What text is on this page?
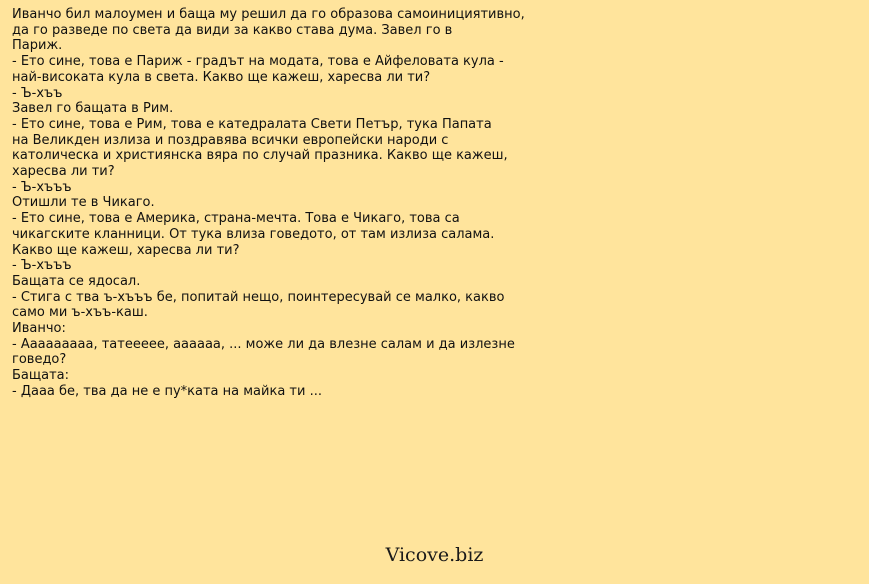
Иванчо бил малоумен и баща му решил да го образова самоинициятивно,
да го разведе по света да види за какво става дума. Завел го в
Париж.
- Ето сине, това е Париж - градът на модата, това е Айфеловата кула -
най-високата кула в света. Какво ще кажеш, харесва ли ти?
- Ъ-хъъ
Завел го бащата в Рим.
- Ето сине, това е Рим, това е катедралата Свети Петър, тука Папата
на Великден излиза и поздравява всички европейски народи с
католическа и християнска вяра по случай празника. Какво ще кажеш,
харесва ли ти?
- Ъ-хъъъ
Отишли те в Чикаго.
- Ето сине, това е Америка, страна-мечта. Това е Чикаго, това са
чикагските кланници. От тука влиза говедото, от там излиза салама.
Какво ще кажеш, харесва ли ти?
- Ъ-хъъъ
Бащата се ядосал.
- Стига с тва ъ-хъъъ бе, попитай нещо, поинтересувай се малко, какво
само ми ъ-хъъ-каш.
Иванчо:
- Ааааааааа, татеееее, аааааа, ... може ли да влезне салам и да излезне
говедо?
Бащата:
- Дааа бе, тва да не е пу*ката на майка ти ...
Vicove.biz
